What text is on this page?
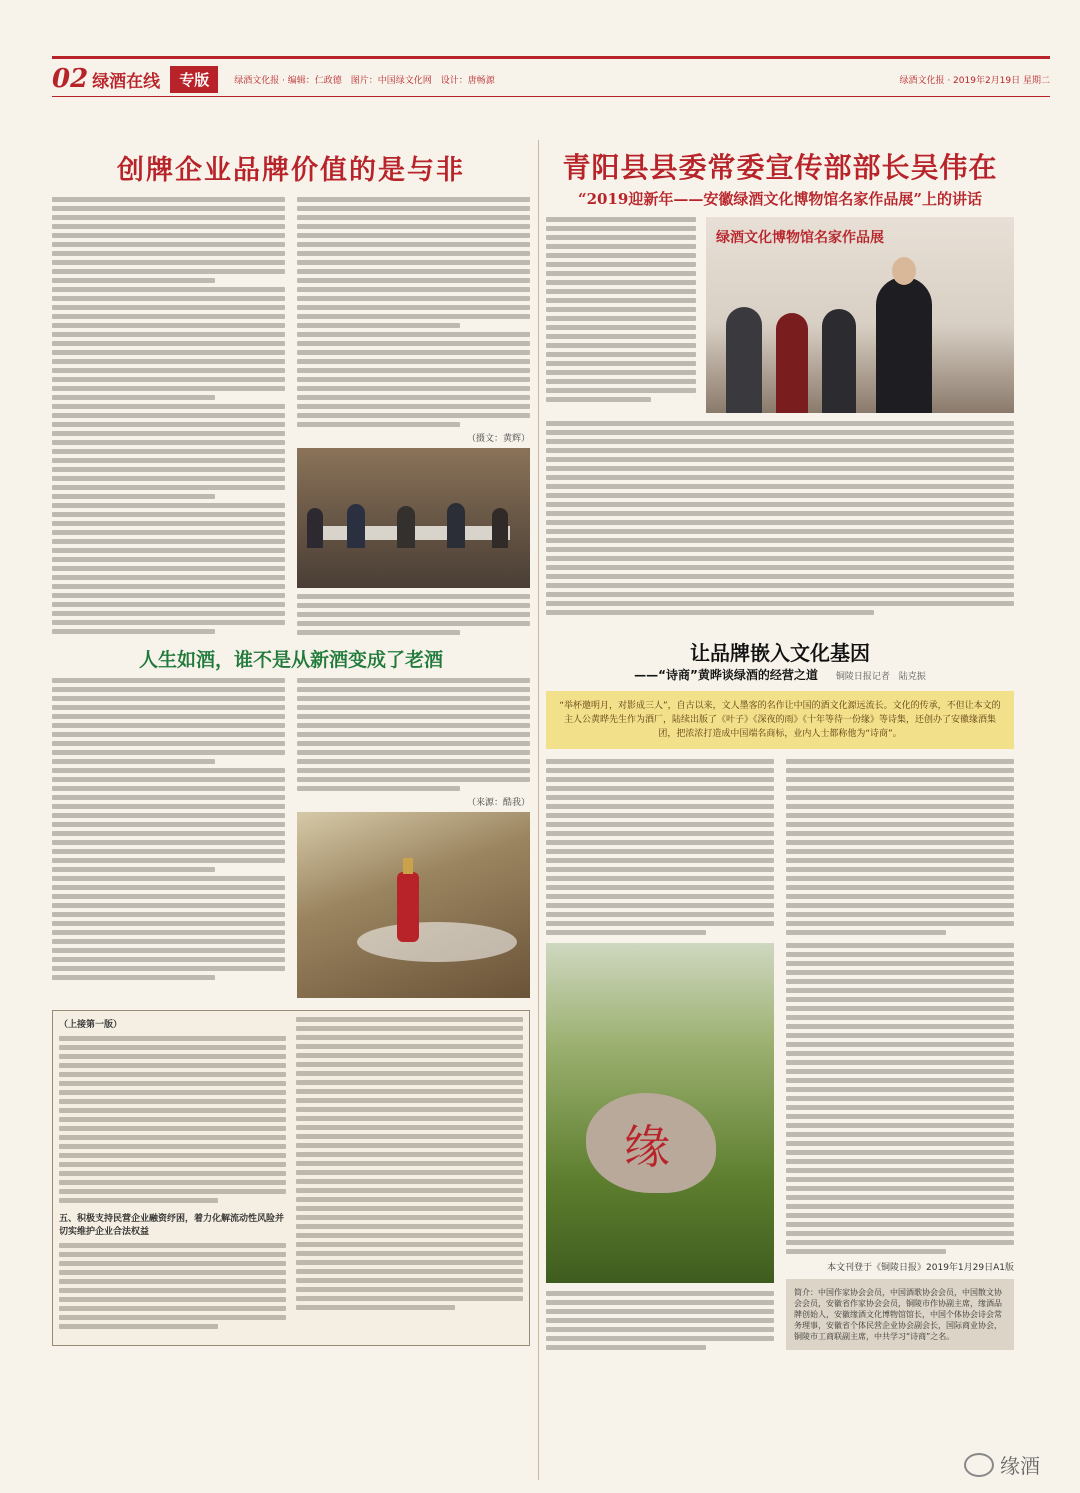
02 绿酒在线	专版	绿酒文化报 · 编辑：仁政德　图片：中国绿文化网　设计：唐畅源	绿酒文化报 · 2019年2月19日 星期二
创牌企业品牌价值的是与非
（摄文：黄辉）
人生如酒，谁不是从新酒变成了老酒
（来源：酷我）
（上接第一版）
五、积极支持民营企业融资纾困，着力化解流动性风险并切实维护企业合法权益
青阳县县委常委宣传部部长吴伟在
“2019迎新年——安徽绿酒文化博物馆名家作品展”上的讲话
绿酒文化博物馆名家作品展
让品牌嵌入文化基因
——“诗商”黄晔谈绿酒的经营之道 铜陵日报记者　陆克振
“举杯邀明月，对影成三人”，自古以来，文人墨客的名作让中国的酒文化源远流长。文化的传承，不但让本文的主人公黄晔先生作为酒厂，陆续出版了《叶子》《深夜的雨》《十年等待一份缘》等诗集，还创办了安徽缘酒集团，把浓浓打造成中国端名商标，业内人士都称他为“诗商”。
缘
本文刊登于《铜陵日报》2019年1月29日A1版
简介：中国作家协会会员，中国酒歌协会会员，中国散文协会会员，安徽省作家协会会员，铜陵市作协副主席，缘酒品牌创始人，安徽缘酒文化博物馆馆长，中国个体协会诗会常务理事，安徽省个体民营企业协会副会长，国际商业协会，铜陵市工商联副主席，中共学习“诗商”之名。
缘酒
